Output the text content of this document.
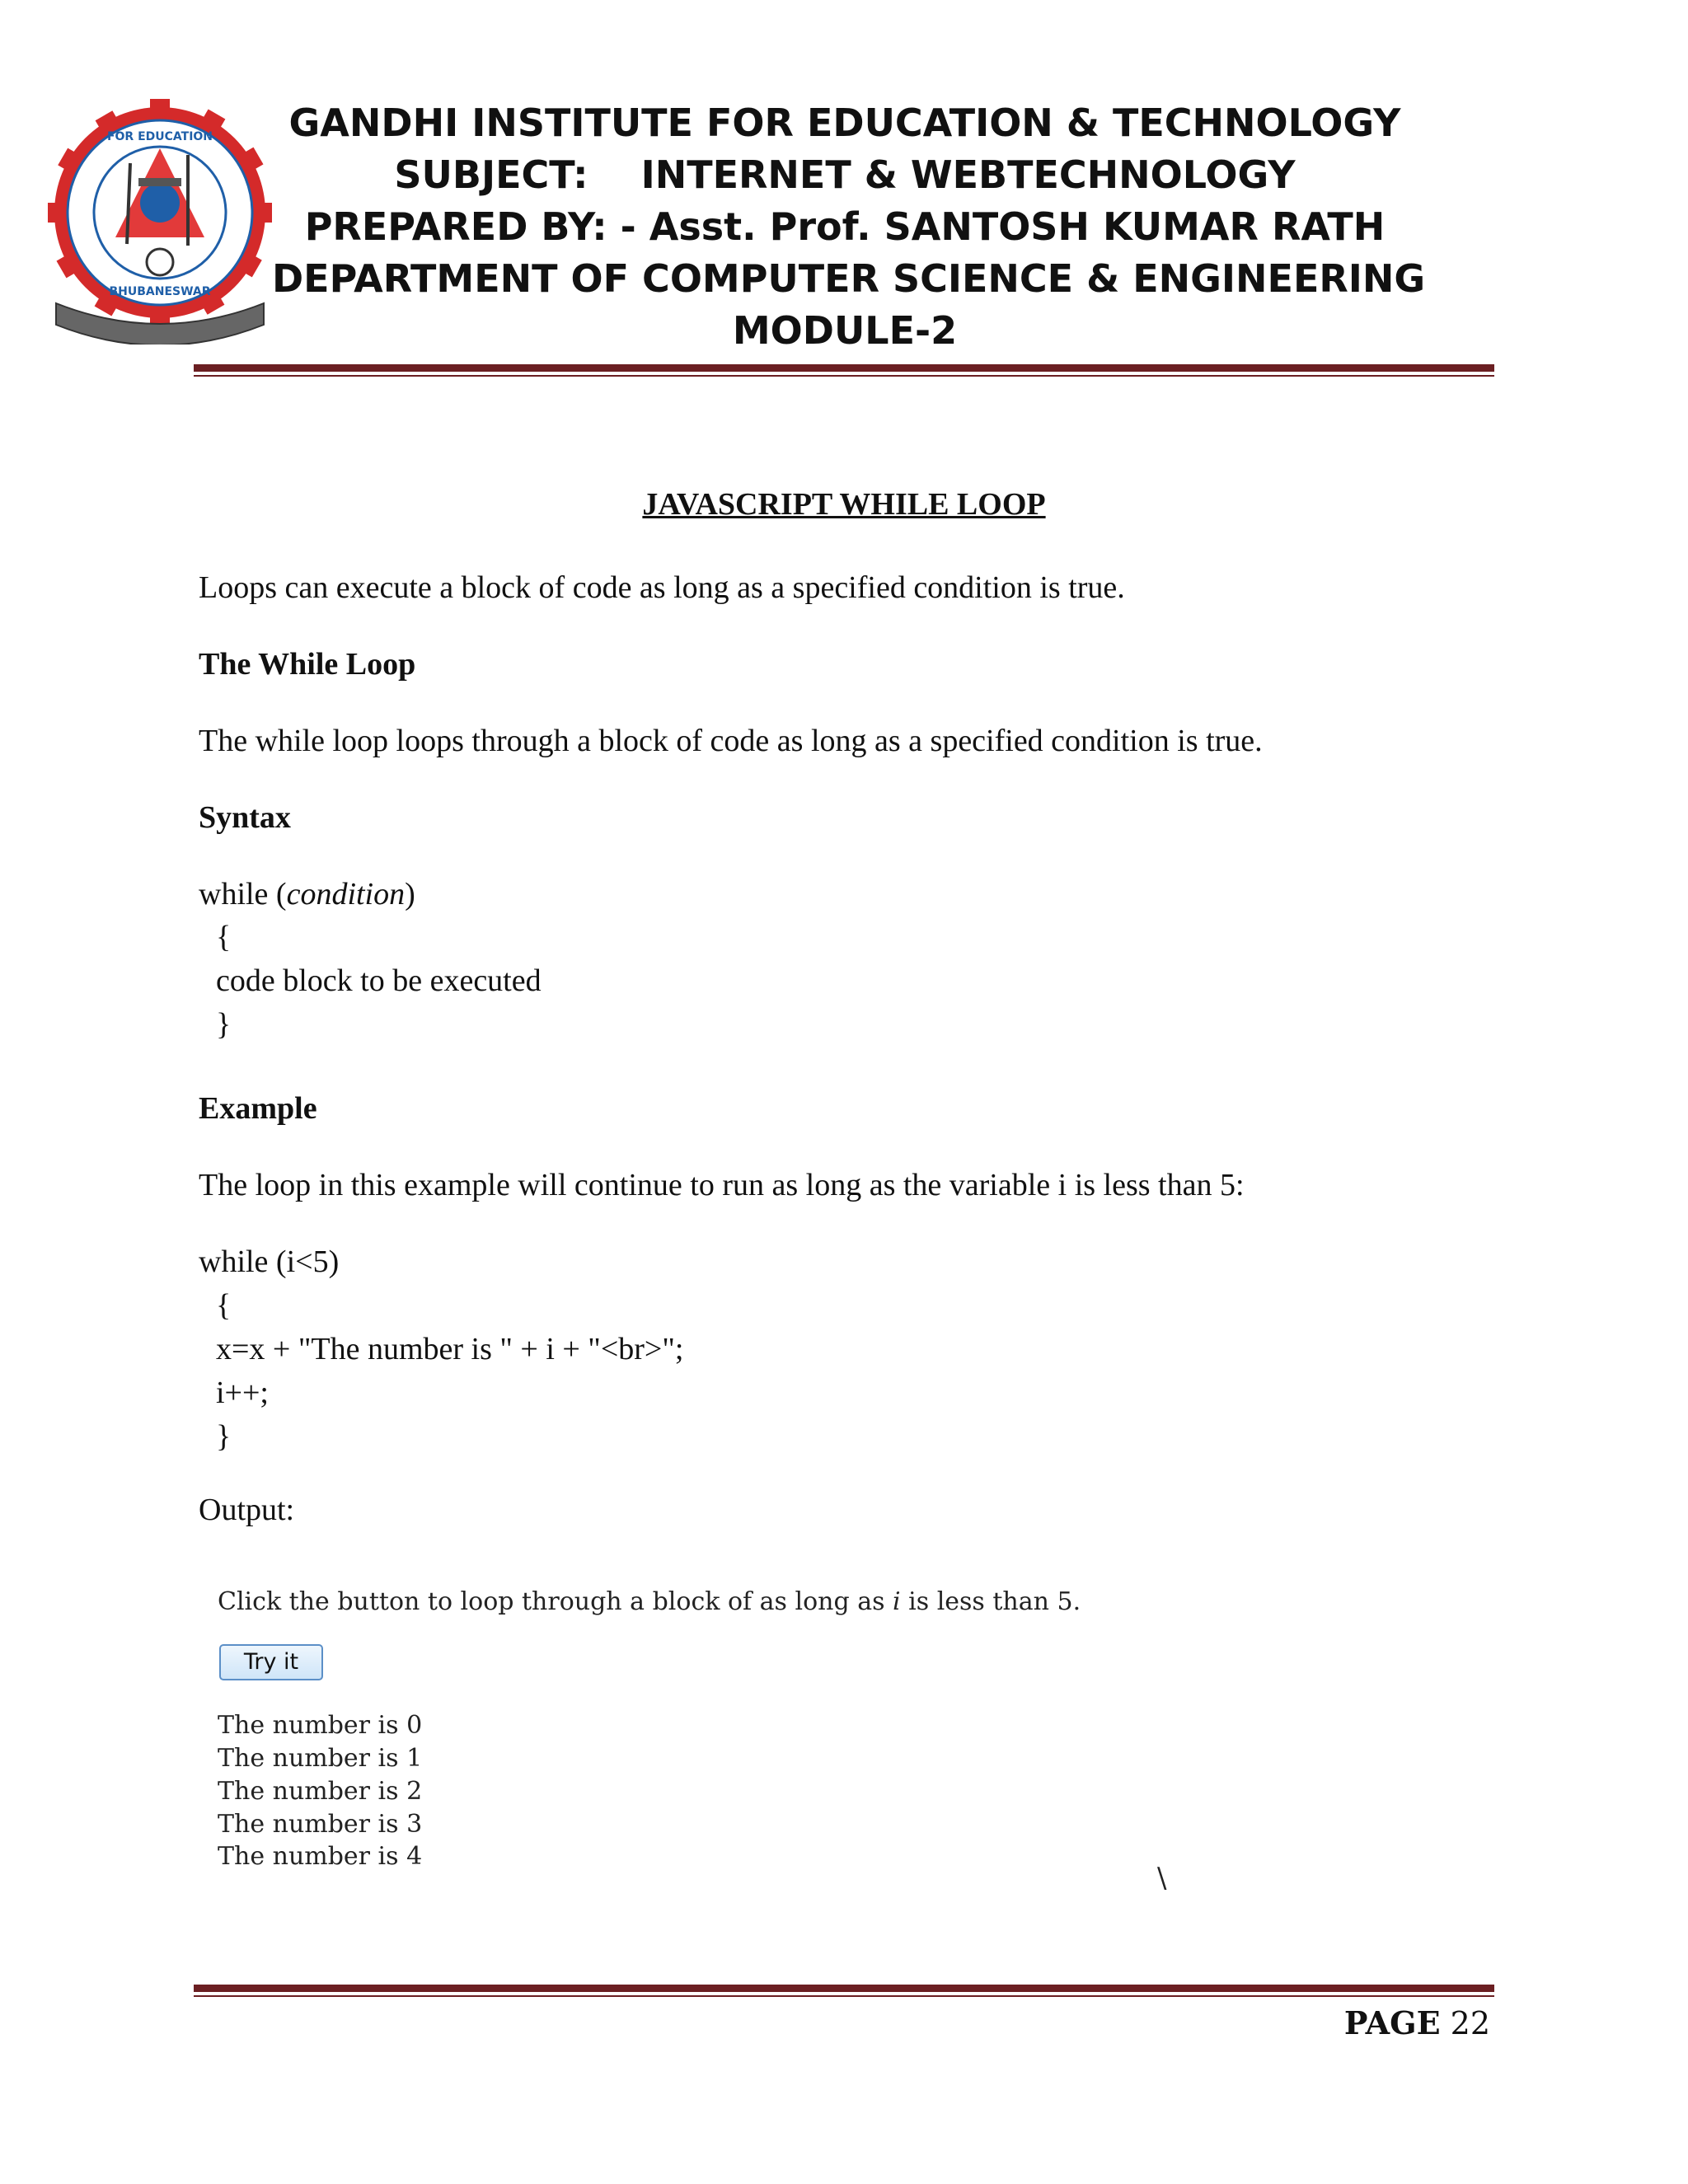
FOR EDUCATION
BHUBANESWAR
GANDHI INSTITUTE FOR EDUCATION & TECHNOLOGY
SUBJECT:    INTERNET & WEBTECHNOLOGY
PREPARED BY: - Asst. Prof. SANTOSH KUMAR RATH
DEPARTMENT OF COMPUTER SCIENCE & ENGINEERING
MODULE-2
JAVASCRIPT WHILE LOOP
Loops can execute a block of code as long as a specified condition is true.
The While Loop
The while loop loops through a block of code as long as a specified condition is true.
Syntax
while (condition)
{
code block to be executed
}
Example
The loop in this example will continue to run as long as the variable i is less than 5:
while (i<5)
{
x=x + "The number is " + i + "<br>";
i++;
}
Output:
Click the button to loop through a block of as long as i is less than 5.
Try it
The number is 0
The number is 1
The number is 2
The number is 3
The number is 4
\
PAGE 22
